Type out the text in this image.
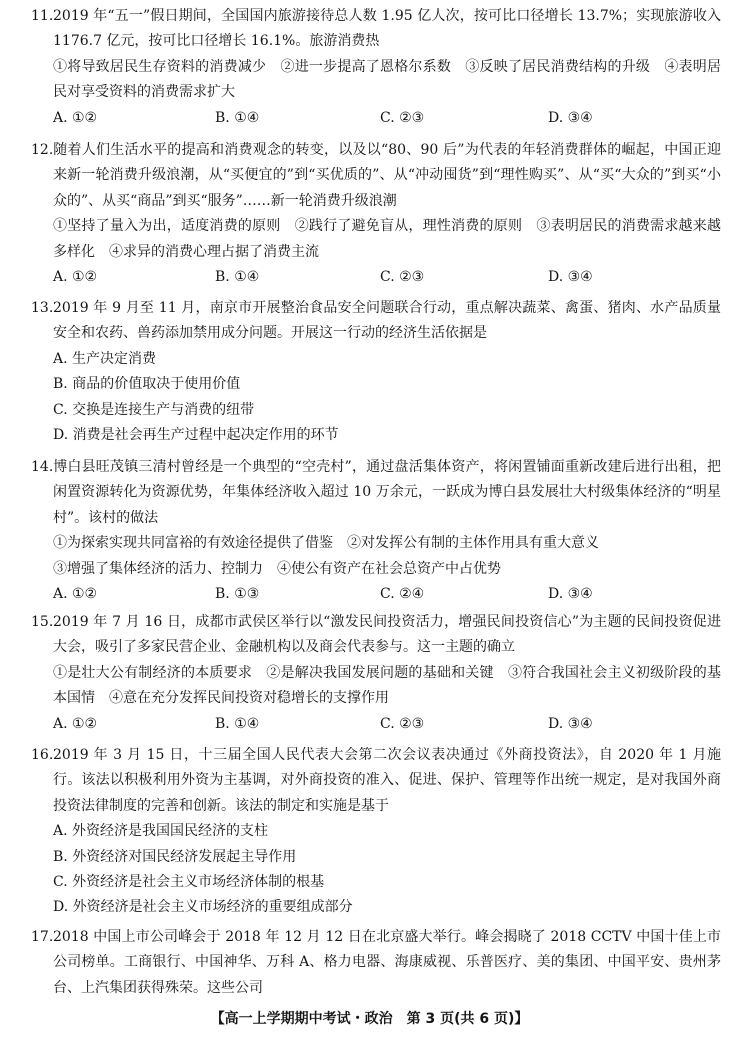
11.2019 年“五一”假日期间，全国国内旅游接待总人数 1.95 亿人次，按可比口径增长 13.7%；实现旅游收入 1176.7 亿元，按可比口径增长 16.1%。旅游消费热
①将导致居民生存资料的消费减少　②进一步提高了恩格尔系数　③反映了居民消费结构的升级　④表明居民对享受资料的消费需求扩大
A. ①②	B. ①④	C. ②③	D. ③④
12.随着人们生活水平的提高和消费观念的转变，以及以“80、90 后”为代表的年轻消费群体的崛起，中国正迎来新一轮消费升级浪潮，从“买便宜的”到“买优质的”、从“冲动囤货”到“理性购买”、从“买“大众的”到买“小众的”、从买“商品”到买“服务”……新一轮消费升级浪潮
①坚持了量入为出，适度消费的原则　②践行了避免盲从，理性消费的原则　③表明居民的消费需求越来越多样化　④求异的消费心理占据了消费主流
A. ①②	B. ①④	C. ②③	D. ③④
13.2019 年 9 月至 11 月，南京市开展整治食品安全问题联合行动，重点解决蔬菜、禽蛋、猪肉、水产品质量安全和农药、兽药添加禁用成分问题。开展这一行动的经济生活依据是
A. 生产决定消费
B. 商品的价值取决于使用价值
C. 交换是连接生产与消费的纽带
D. 消费是社会再生产过程中起决定作用的环节
14.博白县旺茂镇三清村曾经是一个典型的“空壳村”，通过盘活集体资产，将闲置铺面重新改建后进行出租，把闲置资源转化为资源优势，年集体经济收入超过 10 万余元，一跃成为博白县发展壮大村级集体经济的“明星村”。该村的做法
①为探索实现共同富裕的有效途径提供了借鉴　②对发挥公有制的主体作用具有重大意义
③增强了集体经济的活力、控制力　④使公有资产在社会总资产中占优势
A. ①②	B. ①③	C. ②④	D. ③④
15.2019 年 7 月 16 日，成都市武侯区举行以“激发民间投资活力，增强民间投资信心”为主题的民间投资促进大会，吸引了多家民营企业、金融机构以及商会代表参与。这一主题的确立
①是壮大公有制经济的本质要求　②是解决我国发展问题的基础和关键　③符合我国社会主义初级阶段的基本国情　④意在充分发挥民间投资对稳增长的支撑作用
A. ①②	B. ①④	C. ②③	D. ③④
16.2019 年 3 月 15 日，十三届全国人民代表大会第二次会议表决通过《外商投资法》，自 2020 年 1 月施行。该法以积极利用外资为主基调，对外商投资的准入、促进、保护、管理等作出统一规定，是对我国外商投资法律制度的完善和创新。该法的制定和实施是基于
A. 外资经济是我国国民经济的支柱
B. 外资经济对国民经济发展起主导作用
C. 外资经济是社会主义市场经济体制的根基
D. 外资经济是社会主义市场经济的重要组成部分
17.2018 中国上市公司峰会于 2018 年 12 月 12 日在北京盛大举行。峰会揭晓了 2018 CCTV 中国十佳上市公司榜单。工商银行、中国神华、万科 A、格力电器、海康威视、乐普医疗、美的集团、中国平安、贵州茅台、上汽集团获得殊荣。这些公司
【高一上学期期中考试・政治　第 3 页(共 6 页)】
